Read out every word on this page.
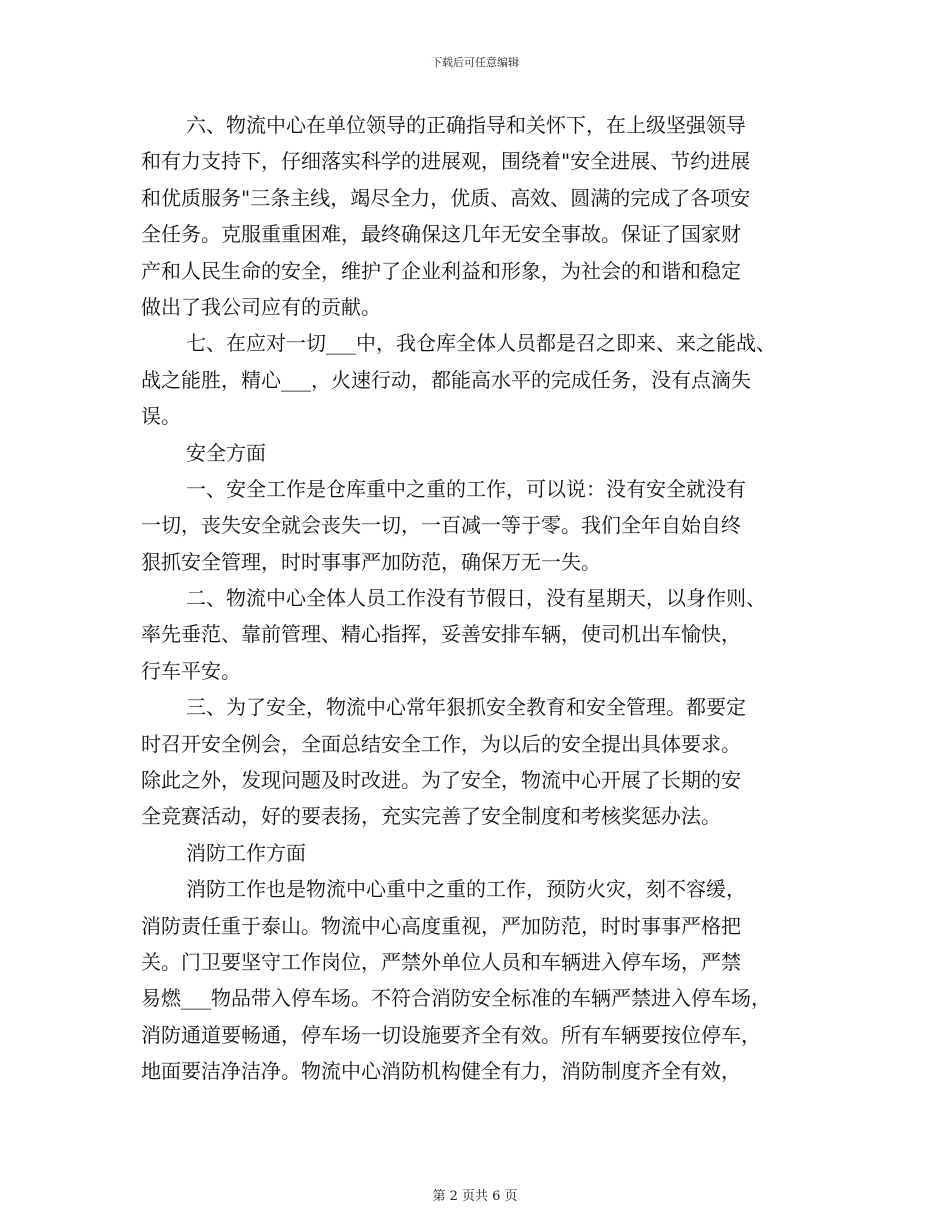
下载后可任意编辑
六、物流中心在单位领导的正确指导和关怀下，在上级坚强领导
和有力支持下，仔细落实科学的进展观，围绕着"安全进展、节约进展
和优质服务"三条主线，竭尽全力，优质、高效、圆满的完成了各项安
全任务。克服重重困难，最终确保这几年无安全事故。保证了国家财
产和人民生命的安全，维护了企业利益和形象，为社会的和谐和稳定
做出了我公司应有的贡献。
七、在应对一切___中，我仓库全体人员都是召之即来、来之能战、
战之能胜，精心___，火速行动，都能高水平的完成任务，没有点滴失
误。
安全方面
一、安全工作是仓库重中之重的工作，可以说：没有安全就没有
一切，丧失安全就会丧失一切，一百减一等于零。我们全年自始自终
狠抓安全管理，时时事事严加防范，确保万无一失。
二、物流中心全体人员工作没有节假日，没有星期天，以身作则、
率先垂范、靠前管理、精心指挥，妥善安排车辆，使司机出车愉快，
行车平安。
三、为了安全，物流中心常年狠抓安全教育和安全管理。都要定
时召开安全例会，全面总结安全工作，为以后的安全提出具体要求。
除此之外，发现问题及时改进。为了安全，物流中心开展了长期的安
全竞赛活动，好的要表扬，充实完善了安全制度和考核奖惩办法。
消防工作方面
消防工作也是物流中心重中之重的工作，预防火灾，刻不容缓，
消防责任重于泰山。物流中心高度重视，严加防范，时时事事严格把
关。门卫要坚守工作岗位，严禁外单位人员和车辆进入停车场，严禁
易燃___物品带入停车场。不符合消防安全标准的车辆严禁进入停车场，
消防通道要畅通，停车场一切设施要齐全有效。所有车辆要按位停车，
地面要洁净洁净。物流中心消防机构健全有力，消防制度齐全有效，
第 2 页共 6 页
